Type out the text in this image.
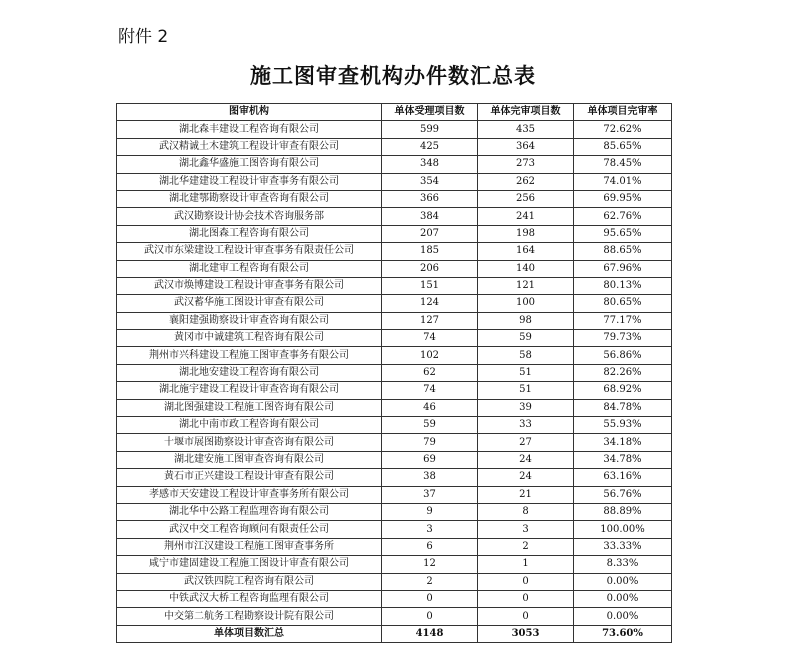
附件 2
施工图审查机构办件数汇总表
图审机构	单体受理项目数	单体完审项目数	单体项目完审率
湖北森丰建设工程咨询有限公司	599	435	72.62%
武汉精诚土木建筑工程设计审查有限公司	425	364	85.65%
湖北鑫华盛施工图咨询有限公司	348	273	78.45%
湖北华建建设工程设计审查事务有限公司	354	262	74.01%
湖北建鄂勘察设计审查咨询有限公司	366	256	69.95%
武汉勘察设计协会技术咨询服务部	384	241	62.76%
湖北图森工程咨询有限公司	207	198	95.65%
武汉市东梁建设工程设计审查事务有限责任公司	185	164	88.65%
湖北建审工程咨询有限公司	206	140	67.96%
武汉市焕博建设工程设计审查事务有限公司	151	121	80.13%
武汉蓄华施工图设计审查有限公司	124	100	80.65%
襄阳建强勘察设计审查咨询有限公司	127	98	77.17%
黄冈市中诚建筑工程咨询有限公司	74	59	79.73%
荆州市兴科建设工程施工图审查事务有限公司	102	58	56.86%
湖北地安建设工程咨询有限公司	62	51	82.26%
湖北施宇建设工程设计审查咨询有限公司	74	51	68.92%
湖北图强建设工程施工图咨询有限公司	46	39	84.78%
湖北中南市政工程咨询有限公司	59	33	55.93%
十堰市展图勘察设计审查咨询有限公司	79	27	34.18%
湖北建安施工图审查咨询有限公司	69	24	34.78%
黄石市正兴建设工程设计审查有限公司	38	24	63.16%
孝感市天安建设工程设计审查事务所有限公司	37	21	56.76%
湖北华中公路工程监理咨询有限公司	9	8	88.89%
武汉中交工程咨询顾问有限责任公司	3	3	100.00%
荆州市江汉建设工程施工图审查事务所	6	2	33.33%
咸宁市建固建设工程施工图设计审查有限公司	12	1	8.33%
武汉铁四院工程咨询有限公司	2	0	0.00%
中铁武汉大桥工程咨询监理有限公司	0	0	0.00%
中交第二航务工程勘察设计院有限公司	0	0	0.00%
单体项目数汇总	4148	3053	73.60%
